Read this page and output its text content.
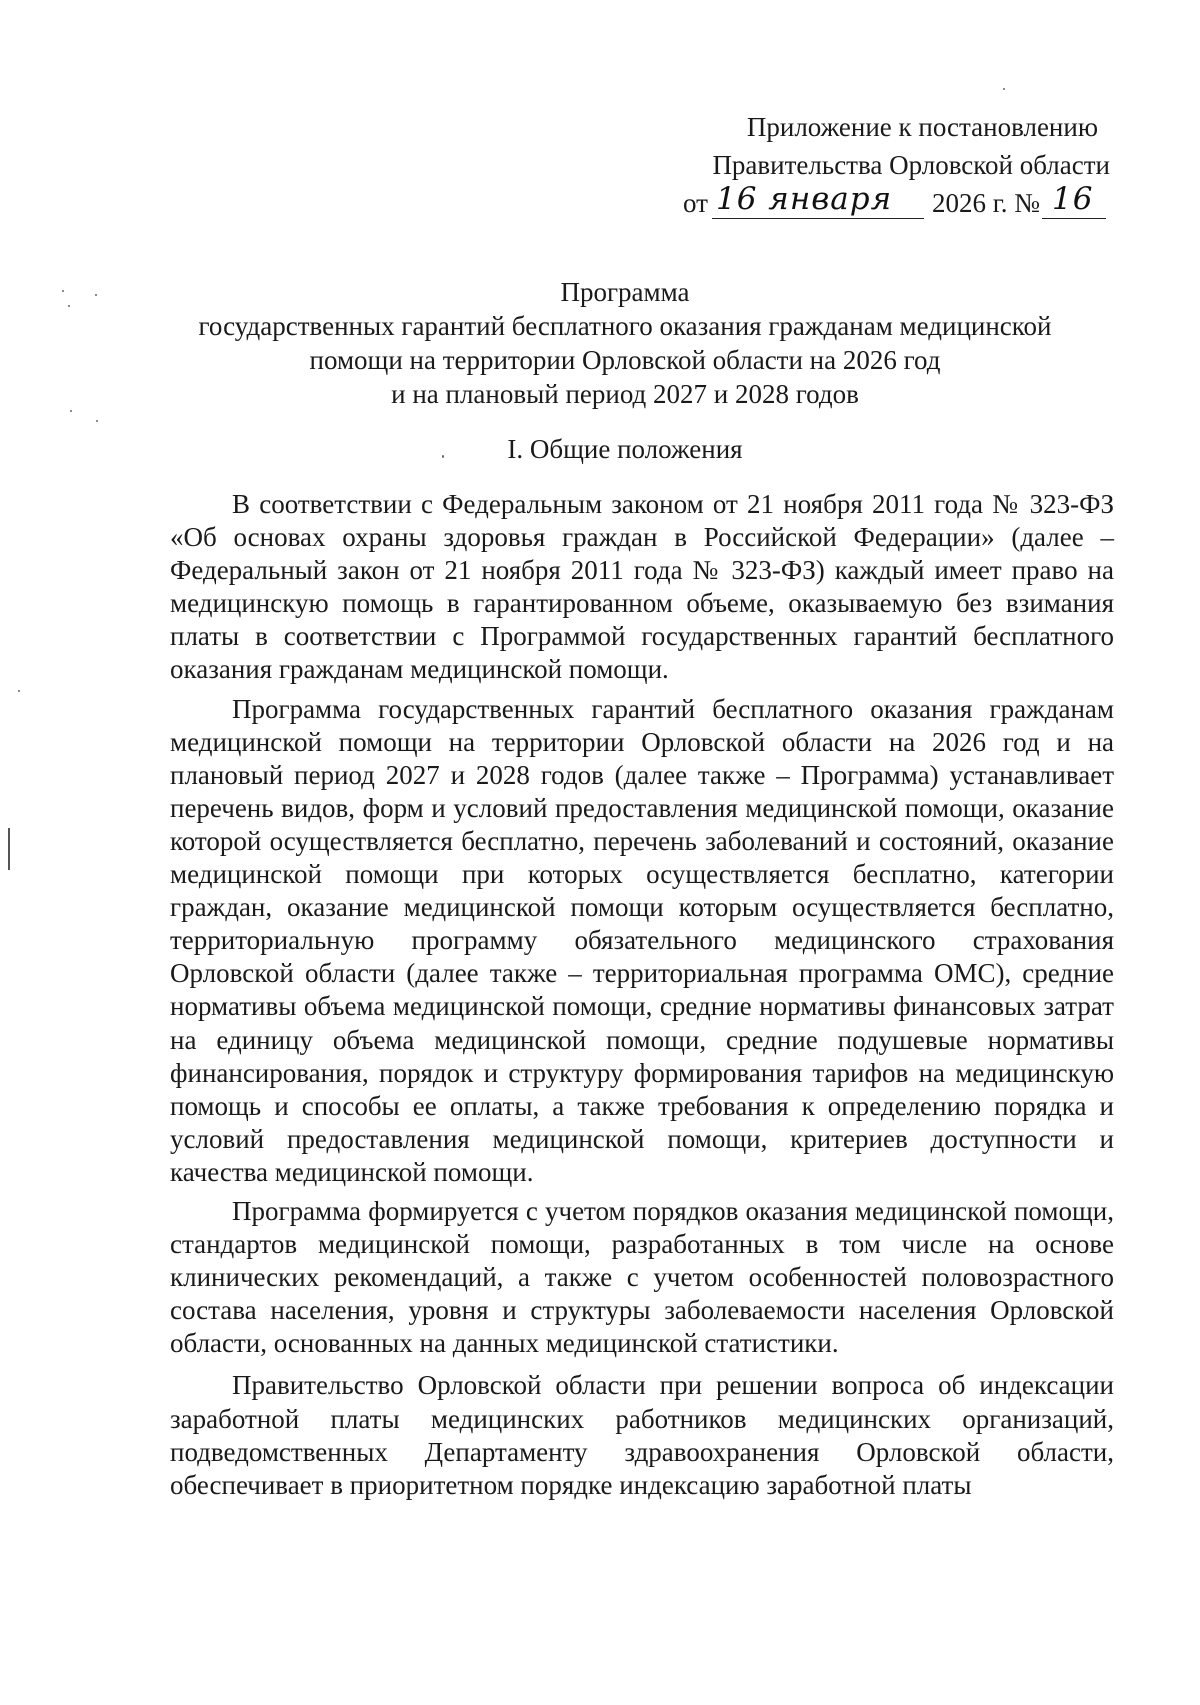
Приложение к постановлению
Правительства Орловской области
от 16 января 2026 г. № 16
Программа
государственных гарантий бесплатного оказания гражданам медицинской
помощи на территории Орловской области на 2026 год
и на плановый период 2027 и 2028 годов
I. Общие положения

В соответствии с Федеральным законом от 21 ноября 2011 года № 323-ФЗ «Об основах охраны здоровья граждан в Российской Федерации» (далее – Федеральный закон от 21 ноября 2011 года № 323-ФЗ) каждый имеет право на медицинскую помощь в гарантированном объеме, оказываемую без взимания платы в соответствии с Программой государственных гарантий бесплатного оказания гражданам медицинской помощи.

Программа государственных гарантий бесплатного оказания гражданам медицинской помощи на территории Орловской области на 2026 год и на плановый период 2027 и 2028 годов (далее также – Программа) устанавливает перечень видов, форм и условий предоставления медицинской помощи, оказание которой осуществляется бесплатно, перечень заболеваний и состояний, оказание медицинской помощи при которых осуществляется бесплатно, категории граждан, оказание медицинской помощи которым осуществляется бесплатно, территориальную программу обязательного медицинского страхования Орловской области (далее также – территориальная программа ОМС), средние нормативы объема медицинской помощи, средние нормативы финансовых затрат на единицу объема медицинской помощи, средние подушевые нормативы финансирования, порядок и структуру формирования тарифов на медицинскую помощь и способы ее оплаты, а также требования к определению порядка и условий предоставления медицинской помощи, критериев доступности и качества медицинской помощи.

Программа формируется с учетом порядков оказания медицинской помощи, стандартов медицинской помощи, разработанных в том числе на основе клинических рекомендаций, а также с учетом особенностей половозрастного состава населения, уровня и структуры заболеваемости населения Орловской области, основанных на данных медицинской статистики.

Правительство Орловской области при решении вопроса об индексации заработной платы медицинских работников медицинских организаций, подведомственных Департаменту здравоохранения Орловской области, обеспечивает в приоритетном порядке индексацию заработной платы
